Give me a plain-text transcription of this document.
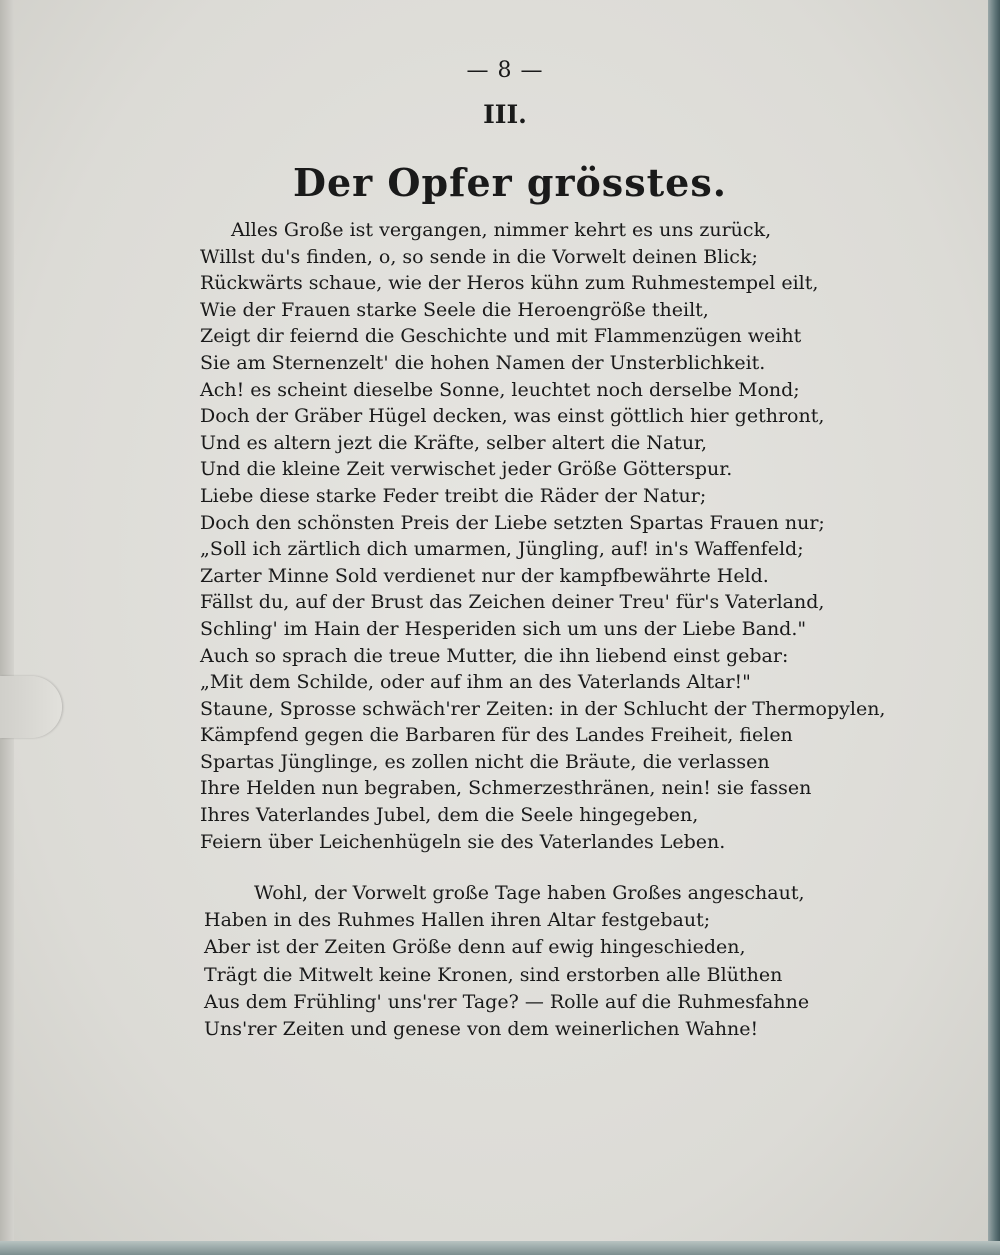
— 8 —
III.
Der Opfer grösstes.
Alles Große ist vergangen, nimmer kehrt es uns zurück,
Willst du's finden, o, so sende in die Vorwelt deinen Blick;
Rückwärts schaue, wie der Heros kühn zum Ruhmestempel eilt,
Wie der Frauen starke Seele die Heroengröße theilt,
Zeigt dir feiernd die Geschichte und mit Flammenzügen weiht
Sie am Sternenzelt' die hohen Namen der Unsterblichkeit.
Ach! es scheint dieselbe Sonne, leuchtet noch derselbe Mond;
Doch der Gräber Hügel decken, was einst göttlich hier gethront,
Und es altern jezt die Kräfte, selber altert die Natur,
Und die kleine Zeit verwischet jeder Größe Götterspur.
Liebe diese starke Feder treibt die Räder der Natur;
Doch den schönsten Preis der Liebe setzten Spartas Frauen nur;
„Soll ich zärtlich dich umarmen, Jüngling, auf! in's Waffenfeld;
Zarter Minne Sold verdienet nur der kampfbewährte Held.
Fällst du, auf der Brust das Zeichen deiner Treu' für's Vaterland,
Schling' im Hain der Hesperiden sich um uns der Liebe Band."
Auch so sprach die treue Mutter, die ihn liebend einst gebar:
„Mit dem Schilde, oder auf ihm an des Vaterlands Altar!"
Staune, Sprosse schwäch'rer Zeiten: in der Schlucht der Thermopylen,
Kämpfend gegen die Barbaren für des Landes Freiheit, fielen
Spartas Jünglinge, es zollen nicht die Bräute, die verlassen
Ihre Helden nun begraben, Schmerzesthränen, nein! sie fassen
Ihres Vaterlandes Jubel, dem die Seele hingegeben,
Feiern über Leichenhügeln sie des Vaterlandes Leben.
Wohl, der Vorwelt große Tage haben Großes angeschaut,
Haben in des Ruhmes Hallen ihren Altar festgebaut;
Aber ist der Zeiten Größe denn auf ewig hingeschieden,
Trägt die Mitwelt keine Kronen, sind erstorben alle Blüthen
Aus dem Frühling' uns'rer Tage? — Rolle auf die Ruhmesfahne
Uns'rer Zeiten und genese von dem weinerlichen Wahne!
